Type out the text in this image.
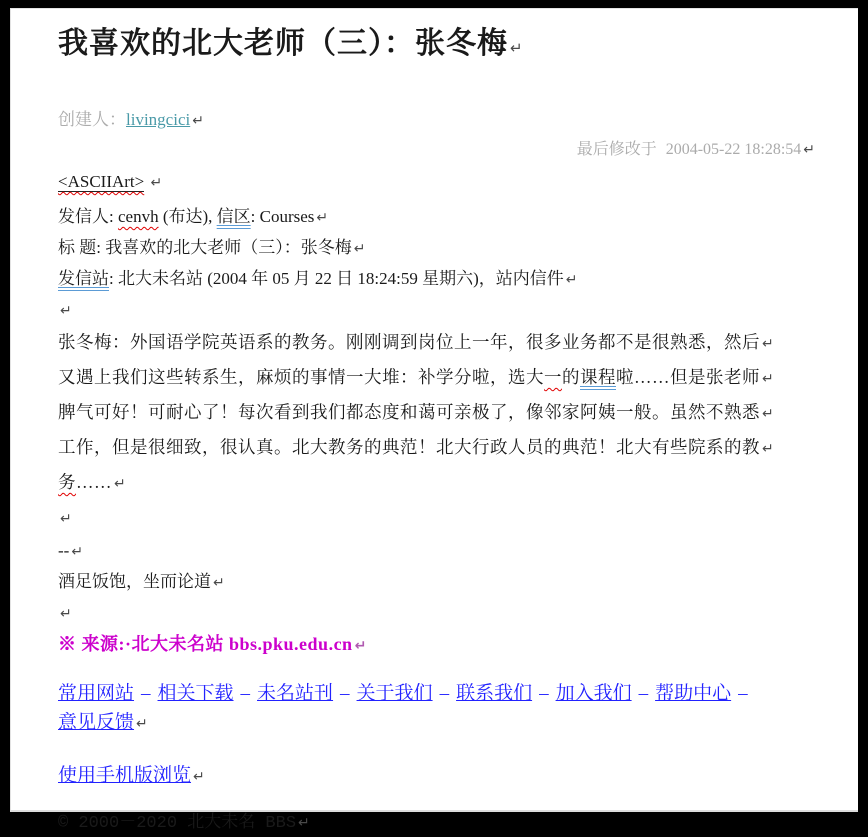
我喜欢的北大老师（三）：张冬梅 ↵
创建人：livingcici ↵
最后修改于 2004-05-22 18:28:54 ↵
<ASCIIArt> ↵
发信人: cenvh (布达), 信区: Courses ↵
标 题: 我喜欢的北大老师（三）：张冬梅 ↵
发信站: 北大未名站 (2004 年 05 月 22 日 18:24:59 星期六)，站内信件 ↵
↵
张冬梅：外国语学院英语系的教务。刚刚调到岗位上一年，很多业务都不是很熟悉，然后 ↵
又遇上我们这些转系生，麻烦的事情一大堆：补学分啦，选大一的课程啦……但是张老师 ↵
脾气可好！可耐心了！每次看到我们都态度和蔼可亲极了，像邻家阿姨一般。虽然不熟悉 ↵
工作，但是很细致，很认真。北大教务的典范！北大行政人员的典范！北大有些院系的教 ↵
务…… ↵
↵
-- ↵
酒足饭饱，坐而论道 ↵
↵
※ 来源:·北大未名站 bbs.pku.edu.cn ↵
常用网站 – 相关下载 – 未名站刊 – 关于我们 – 联系我们 – 加入我们 – 帮助中心 –意见反馈 ↵
使用手机版浏览 ↵
© 2000－2020 北大未名 BBS ↵
